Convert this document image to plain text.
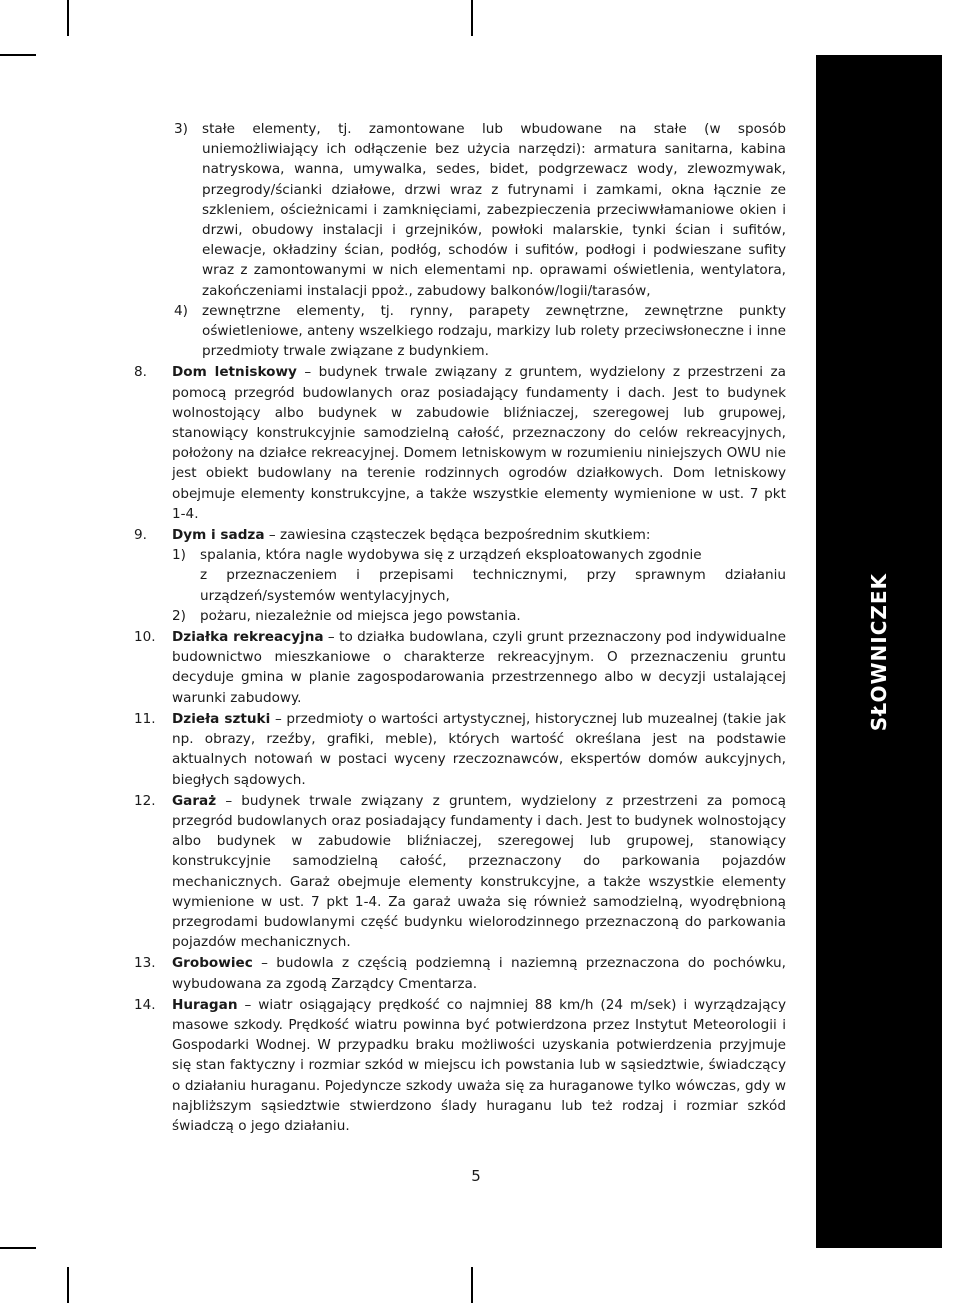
SŁOWNICZEK
3)	stałe elementy, tj. zamontowane lub wbudowane na stałe (w sposób uniemożliwiający ich odłączenie bez użycia narzędzi): armatura sanitarna, kabina natryskowa, wanna, umywalka, sedes, bidet, podgrzewacz wody, zlewozmywak, przegrody/ścianki działowe, drzwi wraz z futrynami i zamkami, okna łącznie ze szkleniem, ościeżnicami i zamknięciami, zabezpieczenia przeciwwłamaniowe okien i drzwi, obudowy instalacji i grzejników, powłoki malarskie, tynki ścian i sufitów, elewacje, okładziny ścian, podłóg, schodów i sufitów, podłogi i podwieszane sufity wraz z zamontowanymi w nich elementami np. oprawami oświetlenia, wentylatora, zakończeniami instalacji ppoż., zabudowy balkonów/logii/tarasów,
4)	zewnętrzne elementy, tj. rynny, parapety zewnętrzne, zewnętrzne punkty oświetleniowe, anteny wszelkiego rodzaju, markizy lub rolety przeciwsłoneczne i inne przedmioty trwale związane z budynkiem.
8.	Dom letniskowy – budynek trwale związany z gruntem, wydzielony z przestrzeni za pomocą przegród budowlanych oraz posiadający fundamenty i dach. Jest to budynek wolnostojący albo budynek w zabudowie bliźniaczej, szeregowej lub grupowej, stanowiący konstrukcyjnie samodzielną całość, przeznaczony do celów rekreacyjnych, położony na działce rekreacyjnej. Domem letniskowym w rozumieniu niniejszych OWU nie jest obiekt budowlany na terenie rodzinnych ogrodów działkowych. Dom letniskowy obejmuje elementy konstrukcyjne, a także wszystkie elementy wymienione w ust. 7 pkt 1-4.
9.	Dym i sadza – zawiesina cząsteczek będąca bezpośrednim skutkiem:
1)	spalania, która nagle wydobywa się z urządzeń eksploatowanych zgodnie
z przeznaczeniem i przepisami technicznymi, przy sprawnym działaniu urządzeń/systemów wentylacyjnych,
2)	pożaru, niezależnie od miejsca jego powstania.
10.	Działka rekreacyjna – to działka budowlana, czyli grunt przeznaczony pod indywidualne budownictwo mieszkaniowe o charakterze rekreacyjnym. O przeznaczeniu gruntu decyduje gmina w planie zagospodarowania przestrzennego albo w decyzji ustalającej warunki zabudowy.
11.	Dzieła sztuki – przedmioty o wartości artystycznej, historycznej lub muzealnej (takie jak np. obrazy, rzeźby, grafiki, meble), których wartość określana jest na podstawie aktualnych notowań w postaci wyceny rzeczoznawców, ekspertów domów aukcyjnych, biegłych sądowych.
12.	Garaż – budynek trwale związany z gruntem, wydzielony z przestrzeni za pomocą przegród budowlanych oraz posiadający fundamenty i dach. Jest to budynek wolnostojący albo budynek w zabudowie bliźniaczej, szeregowej lub grupowej, stanowiący konstrukcyjnie samodzielną całość, przeznaczony do parkowania pojazdów mechanicznych. Garaż obejmuje elementy konstrukcyjne, a także wszystkie elementy wymienione w ust. 7 pkt 1-4. Za garaż uważa się również samodzielną, wyodrębnioną przegrodami budowlanymi część budynku wielorodzinnego przeznaczoną do parkowania pojazdów mechanicznych.
13.	Grobowiec – budowla z częścią podziemną i naziemną przeznaczona do pochówku, wybudowana za zgodą Zarządcy Cmentarza.
14.	Huragan – wiatr osiągający prędkość co najmniej 88 km/h (24 m/sek) i wyrządzający masowe szkody. Prędkość wiatru powinna być potwierdzona przez Instytut Meteorologii i Gospodarki Wodnej. W przypadku braku możliwości uzyskania potwierdzenia przyjmuje się stan faktyczny i rozmiar szkód w miejscu ich powstania lub w sąsiedztwie, świadczący o działaniu huraganu. Pojedyncze szkody uważa się za huraganowe tylko wówczas, gdy w najbliższym sąsiedztwie stwierdzono ślady huraganu lub też rodzaj i rozmiar szkód świadczą o jego działaniu.
5
